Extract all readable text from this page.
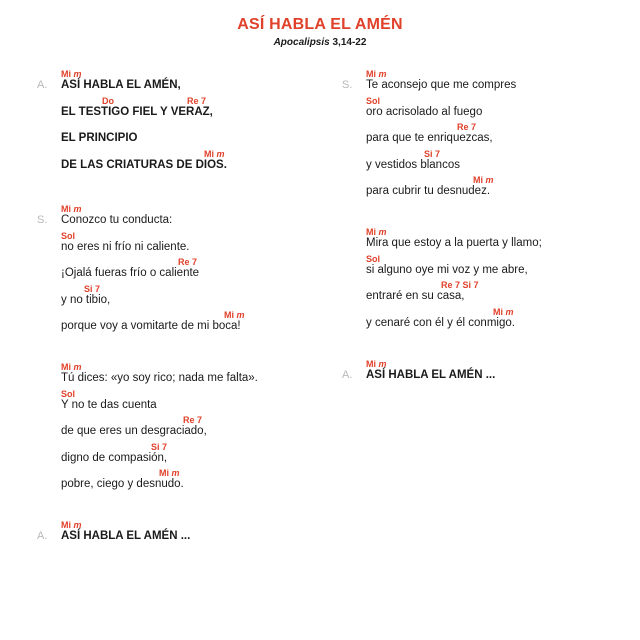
ASÍ HABLA EL AMÉN
Apocalipsis 3,14-22
A.
Mi m
ASÍ HABLA EL AMÉN,
Do	Re 7
EL TESTIGO FIEL Y VERAZ,
EL PRINCIPIO
Mi m
DE LAS CRIATURAS DE DIOS.
S.
Mi m
Conozco tu conducta:
Sol
no eres ni frío ni caliente.
Re 7
¡Ojalá fueras frío o caliente
Si 7
y no tibio,
Mi m
porque voy a vomitarte de mi boca!
Mi m
Tú dices: «yo soy rico; nada me falta».
Sol
Y no te das cuenta
Re 7
de que eres un desgraciado,
Si 7
digno de compasión,
Mi m
pobre, ciego y desnudo.
A.
Mi m
ASÍ HABLA EL AMÉN ...
S.
Mi m
Te aconsejo que me compres
Sol
oro acrisolado al fuego
Re 7
para que te enriquezcas,
Si 7
y vestidos blancos
Mi m
para cubrir tu desnudez.
Mi m
Mira que estoy a la puerta y llamo;
Sol
si alguno oye mi voz y me abre,
Re 7 Si 7
entraré en su casa,
Mi m
y cenaré con él y él conmigo.
A.
Mi m
ASÍ HABLA EL AMÉN ...
